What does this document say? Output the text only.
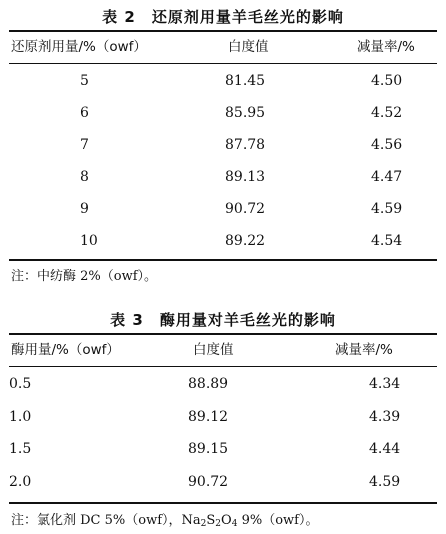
表 2　还原剂用量羊毛丝光的影响
还原剂用量/%（owf）	白度值	减量率/%
5	81.45	4.50
6	85.95	4.52
7	87.78	4.56
8	89.13	4.47
9	90.72	4.59
10	89.22	4.54
注：中纺酶 2%（owf）。
表 3　酶用量对羊毛丝光的影响
酶用量/%（owf）	白度值	减量率/%
0.5	88.89	4.34
1.0	89.12	4.39
1.5	89.15	4.44
2.0	90.72	4.59
注：氯化剂 DC 5%（owf），$Na_2S_2O_4$ 9%（owf）。
